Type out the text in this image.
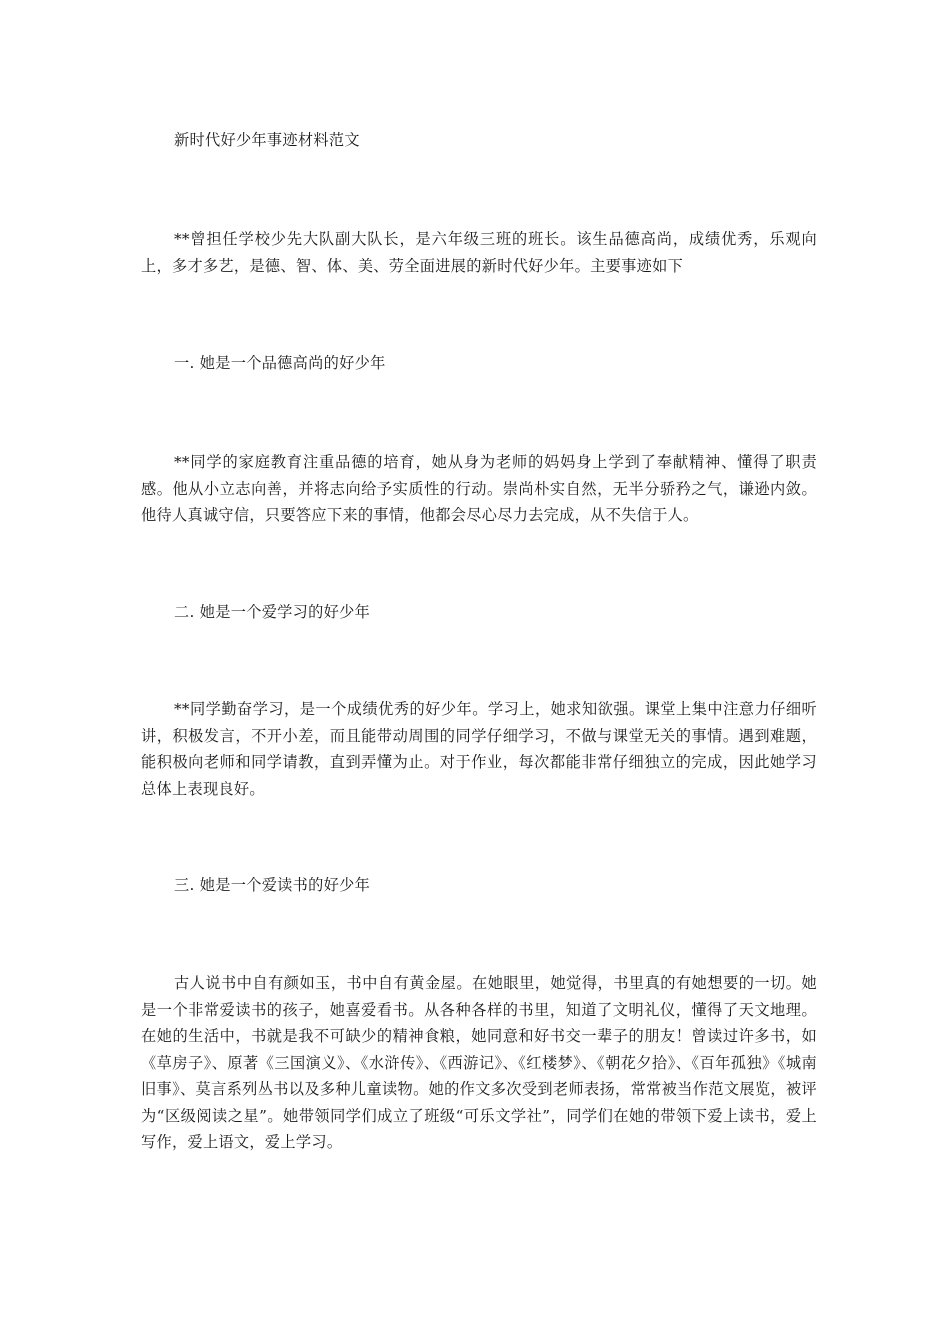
新时代好少年事迹材料范文

**曾担任学校少先大队副大队长，是六年级三班的班长。该生品德高尚，成绩优秀，乐观向上，多才多艺，是德、智、体、美、劳全面进展的新时代好少年。主要事迹如下

一. 她是一个品德高尚的好少年

**同学的家庭教育注重品德的培育，她从身为老师的妈妈身上学到了奉献精神、懂得了职责感。他从小立志向善，并将志向给予实质性的行动。崇尚朴实自然，无半分骄矜之气，谦逊内敛。他待人真诚守信，只要答应下来的事情，他都会尽心尽力去完成，从不失信于人。

二. 她是一个爱学习的好少年

**同学勤奋学习，是一个成绩优秀的好少年。学习上，她求知欲强。课堂上集中注意力仔细听讲，积极发言，不开小差，而且能带动周围的同学仔细学习，不做与课堂无关的事情。遇到难题，能积极向老师和同学请教，直到弄懂为止。对于作业，每次都能非常仔细独立的完成，因此她学习总体上表现良好。

三. 她是一个爱读书的好少年

古人说书中自有颜如玉，书中自有黄金屋。在她眼里，她觉得，书里真的有她想要的一切。她是一个非常爱读书的孩子，她喜爱看书。从各种各样的书里，知道了文明礼仪，懂得了天文地理。在她的生活中，书就是我不可缺少的精神食粮，她同意和好书交一辈子的朋友！曾读过许多书，如《草房子》、原著《三国演义》、《水浒传》、《西游记》、《红楼梦》、《朝花夕拾》、《百年孤独》《城南旧事》、莫言系列丛书以及多种儿童读物。她的作文多次受到老师表扬，常常被当作范文展览，被评为“区级阅读之星”。她带领同学们成立了班级“可乐文学社”，同学们在她的带领下爱上读书，爱上写作，爱上语文，爱上学习。
